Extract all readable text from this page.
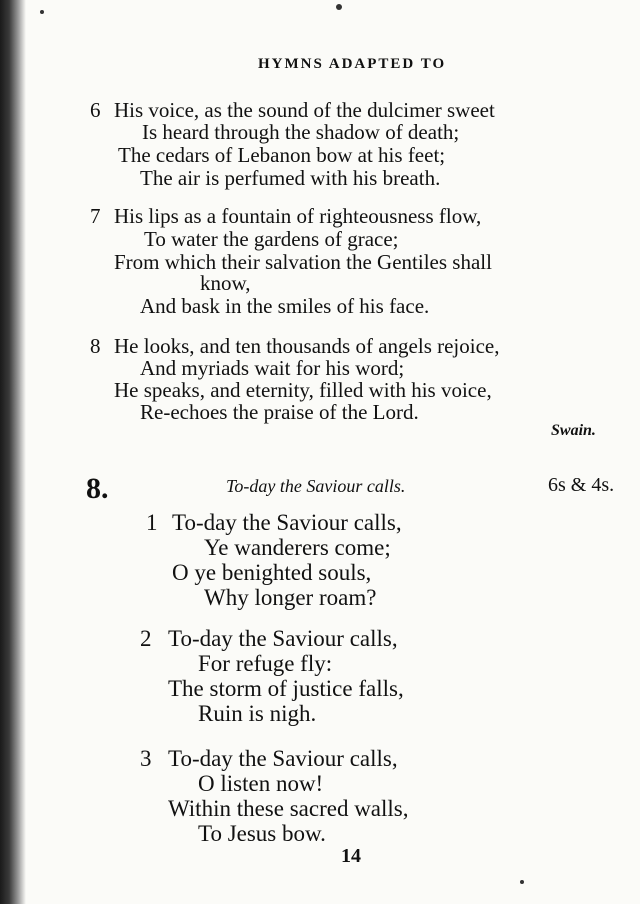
HYMNS ADAPTED TO
6 His voice, as the sound of the dulcimer sweet
Is heard through the shadow of death;
The cedars of Lebanon bow at his feet;
The air is perfumed with his breath.
7 His lips as a fountain of righteousness flow,
To water the gardens of grace;
From which their salvation the Gentiles shall
know,
And bask in the smiles of his face.
8 He looks, and ten thousands of angels rejoice,
And myriads wait for his word;
He speaks, and eternity, filled with his voice,
Re-echoes the praise of the Lord.
Swain.
8.	To-day the Saviour calls.	6s & 4s.
1 To-day the Saviour calls,
Ye wanderers come;
O ye benighted souls,
Why longer roam?
2 To-day the Saviour calls,
For refuge fly:
The storm of justice falls,
Ruin is nigh.
3 To-day the Saviour calls,
O listen now!
Within these sacred walls,
To Jesus bow.
14
